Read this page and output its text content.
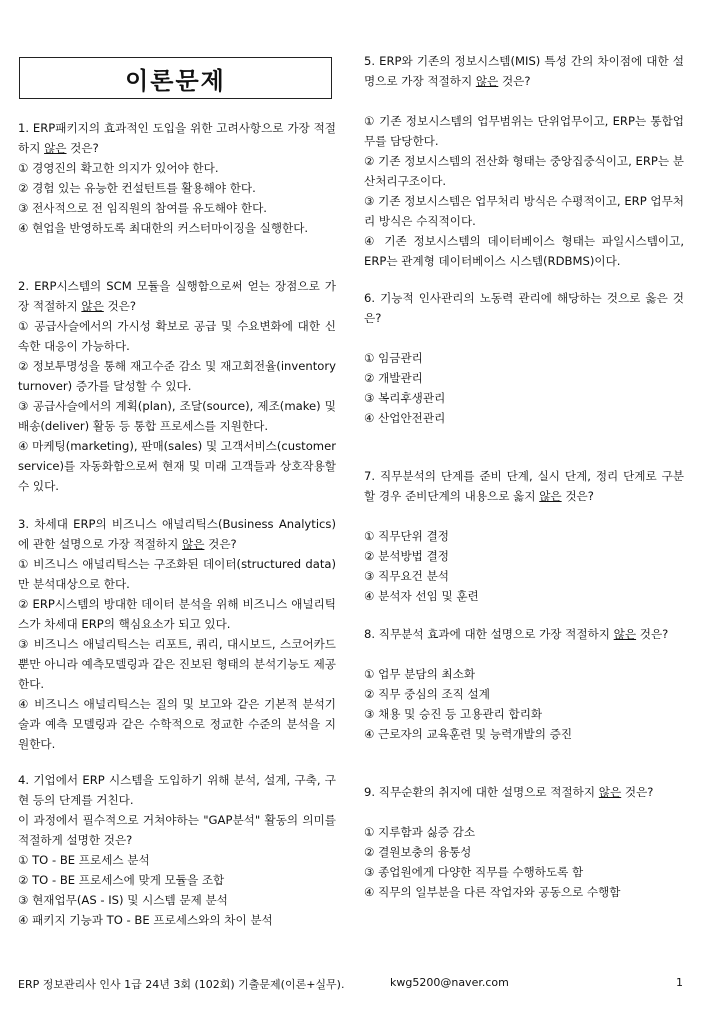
이론문제

1. ERP패키지의 효과적인 도입을 위한 고려사항으로 가장 적절하지 않은 것은?

① 경영진의 확고한 의지가 있어야 한다.

② 경험 있는 유능한 컨설턴트를 활용해야 한다.

③ 전사적으로 전 임직원의 참여를 유도해야 한다.

④ 현업을 반영하도록 최대한의 커스터마이징을 실행한다.

2. ERP시스템의 SCM 모듈을 실행함으로써 얻는 장점으로 가장 적절하지 않은 것은?

① 공급사슬에서의 가시성 확보로 공급 및 수요변화에 대한 신속한 대응이 가능하다.

② 정보투명성을 통해 재고수준 감소 및 재고회전율(inventory turnover) 증가를 달성할 수 있다.

③ 공급사슬에서의 계획(plan), 조달(source), 제조(make) 및 배송(deliver) 활동 등 통합 프로세스를 지원한다.

④ 마케팅(marketing), 판매(sales) 및 고객서비스(customer service)를 자동화함으로써 현재 및 미래 고객들과 상호작용할 수 있다.

3. 차세대 ERP의 비즈니스 애널리틱스(Business Analytics)에 관한 설명으로 가장 적절하지 않은 것은?

① 비즈니스 애널리틱스는 구조화된 데이터(structured data)만 분석대상으로 한다.

② ERP시스템의 방대한 데이터 분석을 위해 비즈니스 애널리틱스가 차세대 ERP의 핵심요소가 되고 있다.

③ 비즈니스 애널리틱스는 리포트, 쿼리, 대시보드, 스코어카드뿐만 아니라 예측모델링과 같은 진보된 형태의 분석기능도 제공한다.

④ 비즈니스 애널리틱스는 질의 및 보고와 같은 기본적 분석기술과 예측 모델링과 같은 수학적으로 정교한 수준의 분석을 지원한다.

4. 기업에서 ERP 시스템을 도입하기 위해 분석, 설계, 구축, 구현 등의 단계를 거친다.

이 과정에서 필수적으로 거쳐야하는 "GAP분석" 활동의 의미를 적절하게 설명한 것은?

① TO - BE 프로세스 분석

② TO - BE 프로세스에 맞게 모듈을 조합

③ 현재업무(AS - IS) 및 시스템 문제 분석

④ 패키지 기능과 TO - BE 프로세스와의 차이 분석

5. ERP와 기존의 정보시스템(MIS) 특성 간의 차이점에 대한 설명으로 가장 적절하지 않은 것은?

① 기존 정보시스템의 업무범위는 단위업무이고, ERP는 통합업무를 담당한다.

② 기존 정보시스템의 전산화 형태는 중앙집중식이고, ERP는 분산처리구조이다.

③ 기존 정보시스템은 업무처리 방식은 수평적이고, ERP 업무처리 방식은 수직적이다.

④ 기존 정보시스템의 데이터베이스 형태는 파일시스템이고, ERP는 관계형 데이터베이스 시스템(RDBMS)이다.

6. 기능적 인사관리의 노동력 관리에 해당하는 것으로 옳은 것은?

① 임금관리

② 개발관리

③ 복리후생관리

④ 산업안전관리

7. 직무분석의 단계를 준비 단계, 실시 단계, 정리 단계로 구분할 경우 준비단계의 내용으로 옳지 않은 것은?

① 직무단위 결정

② 분석방법 결정

③ 직무요건 분석

④ 분석자 선임 및 훈련

8. 직무분석 효과에 대한 설명으로 가장 적절하지 않은 것은?

① 업무 분담의 최소화

② 직무 중심의 조직 설계

③ 채용 및 승진 등 고용관리 합리화

④ 근로자의 교육훈련 및 능력개발의 증진

9. 직무순환의 취지에 대한 설명으로 적절하지 않은 것은?

① 지루함과 싫증 감소

② 결원보충의 융통성

③ 종업원에게 다양한 직무를 수행하도록 함

④ 직무의 일부분을 다른 작업자와 공동으로 수행함

ERP 정보관리사 인사 1급 24년 3회 (102회) 기출문제(이론+실무).	kwg5200@naver.com	1
